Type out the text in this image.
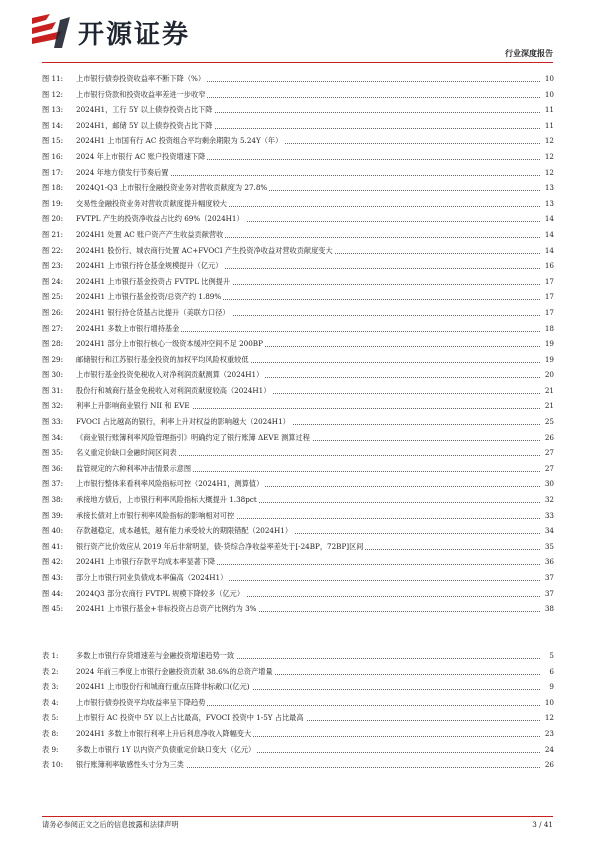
开源证券
行业深度报告
图 11:	上市银行债券投资收益率不断下降（%）	10
图 12:	上市银行贷款和投资收益率差进一步收窄	10
图 13:	2024H1，工行 5Y 以上债券投资占比下降	11
图 14:	2024H1，邮储 5Y 以上债券投资占比下降	11
图 15:	2024H1 上市国有行 AC 投资组合平均剩余期限为 5.24Y（年）	12
图 16:	2024 年上市银行 AC 账户投资增速下降	12
图 17:	2024 年地方债发行节奏后置	12
图 18:	2024Q1-Q3 上市银行金融投资业务对营收贡献度为 27.8%	13
图 19:	交易性金融投资业务对营收贡献度提升幅度较大	13
图 20:	FVTPL 产生的投资净收益占比约 69%（2024H1）	14
图 21:	2024H1 处置 AC 账户资产产生收益贡献营收	14
图 22:	2024H1 股份行、城农商行处置 AC+FVOCI 产生投资净收益对营收贡献度变大	14
图 23:	2024H1 上市银行持仓基金规模提升（亿元）	16
图 24:	2024H1 上市银行基金投资占 FVTPL 比例提升	17
图 25:	2024H1 上市银行基金投资/总资产约 1.89%	17
图 26:	2024H1 银行持仓货基占比提升（美联方口径）	17
图 27:	2024H1 多数上市银行增持基金	18
图 28:	2024H1 部分上市银行核心一级资本缓冲空间不足 200BP	19
图 29:	邮储银行和江苏银行基金投资的加权平均风险权重较低	19
图 30:	上市银行基金投资免税收入对净利润贡献测算（2024H1）	20
图 31:	股份行和城商行基金免税收入对利润贡献度较高（2024H1）	21
图 32:	利率上升影响商业银行 NII 和 EVE	21
图 33:	FVOCI 占比越高的银行，利率上升对权益的影响越大（2024H1）	25
图 34:	《商业银行账簿利率风险管理指引》明确约定了银行账簿 ΔEVE 测算过程	26
图 35:	名义重定价缺口金融时间区间表	27
图 36:	监管规定的六种利率冲击情景示意图	27
图 37:	上市银行整体来看利率风险指标可控（2024H1，测算值）	30
图 38:	承接地方债后，上市银行利率风险指标大概提升 1.38pct	32
图 39:	承接长债对上市银行利率风险指标的影响相对可控	33
图 40:	存款越稳定、成本越低，越有能力承受较大的期限错配（2024H1）	34
图 41:	银行资产比价效应从 2019 年后非常明显，债-贷综合净收益率差处于[-24BP，72BP]区间	35
图 42:	2024H1 上市银行存款平均成本率显著下降	36
图 43:	部分上市银行同业负债成本率偏高（2024H1）	37
图 44:	2024Q3 部分农商行 FVTPL 规模下降较多（亿元）	37
图 45:	2024H1 上市银行基金+非标投资占总资产比例约为 3%	38
表 1:	多数上市银行存贷增速差与金融投资增速趋势一致	5
表 2:	2024 年前三季度上市银行金融投资贡献 38.6%的总资产增量	6
表 3:	2024H1 上市股份行和城商行重点压降非标敞口(亿元)	9
表 4:	上市银行债券投资平均收益率呈下降趋势	10
表 5:	上市银行 AC 投资中 5Y 以上占比最高，FVOCI 投资中 1-5Y 占比最高	12
表 8:	2024H1 多数上市银行利率上升后利息净收入降幅变大	23
表 9:	多数上市银行 1Y 以内资产负债重定价缺口变大（亿元）	24
表 10:	银行账簿利率敏感性头寸分为三类	26
请务必参阅正文之后的信息披露和法律声明	3 / 41
